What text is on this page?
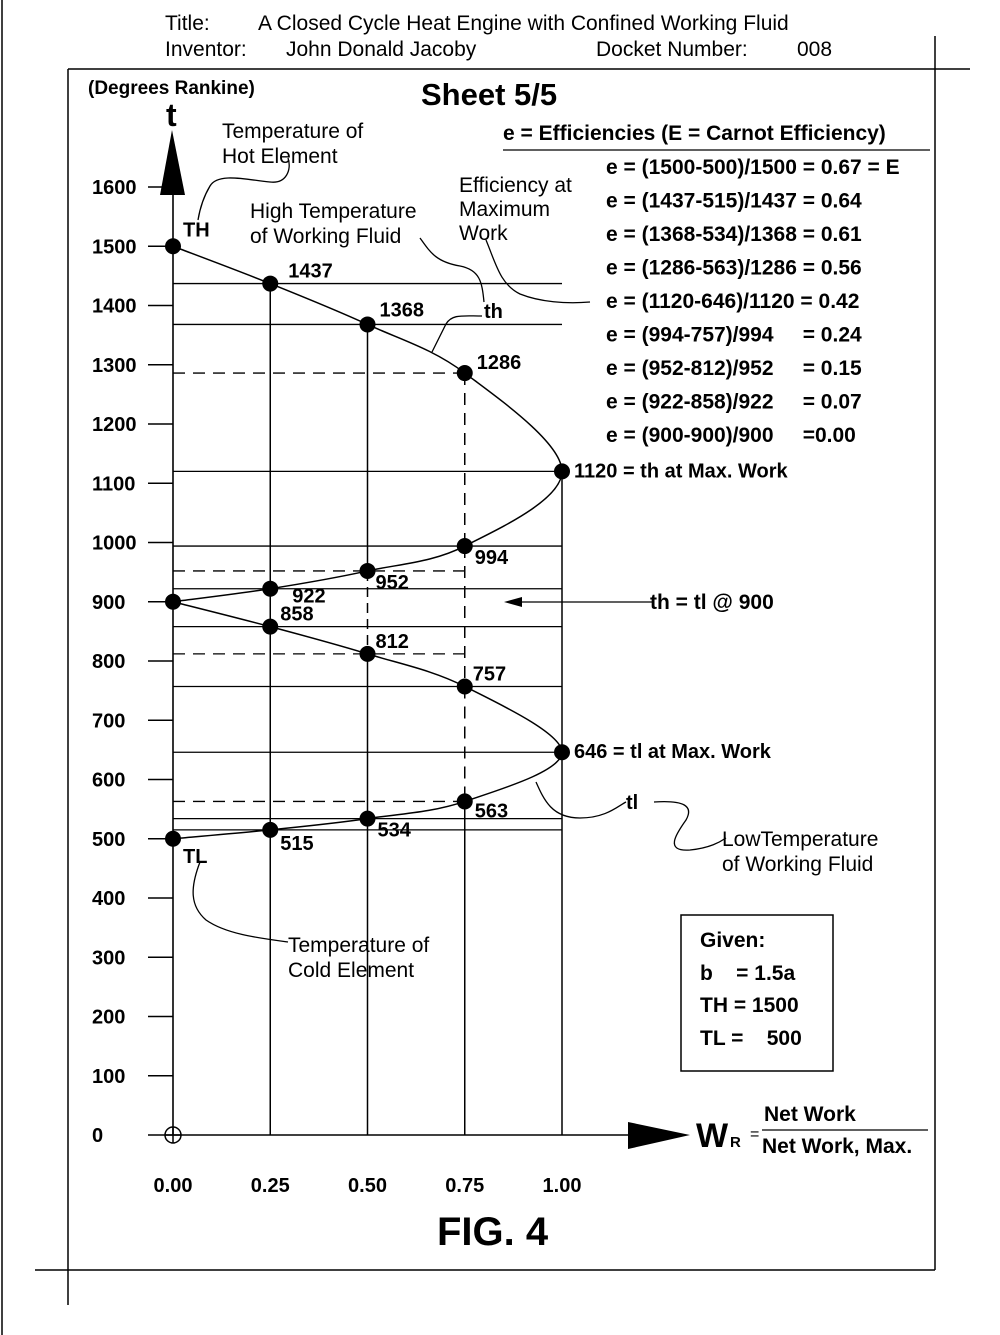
Title: A Closed Cycle Heat Engine with Confined Working Fluid
Inventor: John Donald Jacoby	Docket Number: 008
(Degrees Rankine)	Sheet 5/5
t
W R =
Net Work
Net Work, Max.
0
100
200
300
400
500
600
700
800
900
1000
1100
1200
1300
1400
1500
1600
0.00	0.25	0.50	0.75	1.00
TH
1437
1368
1286
1120 = th at Max. Work
994
952
922
858
812
757
646 = tl at Max. Work
563
534
515
TL
Temperature of
Hot Element
High Temperature
of Working Fluid
Efficiency at
Maximum
Work
th
tl
LowTemperature
of Working Fluid
Temperature of
Cold Element
th = tl @ 900
e = Efficiencies (E = Carnot Efficiency)
e = (1500-500)/1500 = 0.67 = E
e = (1437-515)/1437 = 0.64
e = (1368-534)/1368 = 0.61
e = (1286-563)/1286 = 0.56
e = (1120-646)/1120 = 0.42
e = (994-757)/994     = 0.24
e = (952-812)/952     = 0.15
e = (922-858)/922     = 0.07
e = (900-900)/900     =0.00
Given:
b    = 1.5a
TH = 1500
TL =    500
FIG. 4
